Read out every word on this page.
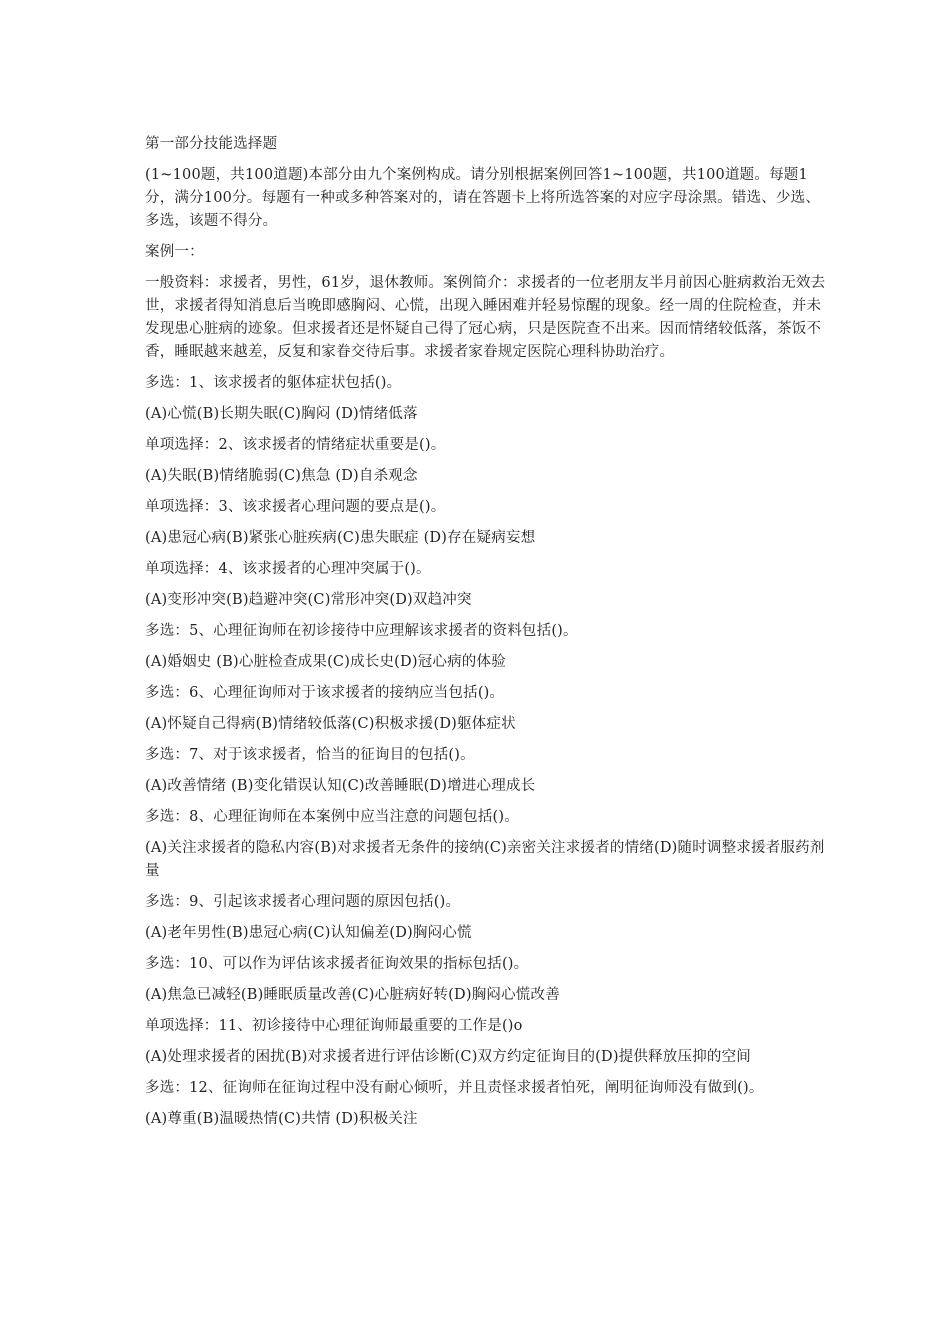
第一部分技能选择题

(1~100题，共100道题)本部分由九个案例构成。请分别根据案例回答1~100题，共100道题。每题1分，满分100分。每题有一种或多种答案对的，请在答题卡上将所选答案的对应字母涂黑。错选、少选、多选，该题不得分。

案例一：

一般资料：求援者，男性，61岁，退休教师。案例简介：求援者的一位老朋友半月前因心脏病救治无效去世，求援者得知消息后当晚即感胸闷、心慌，出现入睡困难并轻易惊醒的现象。经一周的住院检查，并未发现患心脏病的迹象。但求援者还是怀疑自己得了冠心病，只是医院查不出来。因而情绪较低落，茶饭不香，睡眠越来越差，反复和家眷交待后事。求援者家眷规定医院心理科协助治疗。

多选：1、该求援者的躯体症状包括()。

(A)心慌(B)长期失眠(C)胸闷 (D)情绪低落

单项选择：2、该求援者的情绪症状重要是()。

(A)失眠(B)情绪脆弱(C)焦急 (D)自杀观念

单项选择：3、该求援者心理问题的要点是()。

(A)患冠心病(B)紧张心脏疾病(C)患失眠症 (D)存在疑病妄想

单项选择：4、该求援者的心理冲突属于()。

(A)变形冲突(B)趋避冲突(C)常形冲突(D)双趋冲突

多选：5、心理征询师在初诊接待中应理解该求援者的资料包括()。

(A)婚姻史 (B)心脏检查成果(C)成长史(D)冠心病的体验

多选：6、心理征询师对于该求援者的接纳应当包括()。

(A)怀疑自己得病(B)情绪较低落(C)积极求援(D)躯体症状

多选：7、对于该求援者，恰当的征询目的包括()。

(A)改善情绪 (B)变化错误认知(C)改善睡眠(D)增进心理成长

多选：8、心理征询师在本案例中应当注意的问题包括()。

(A)关注求援者的隐私内容(B)对求援者无条件的接纳(C)亲密关注求援者的情绪(D)随时调整求援者服药剂量

多选：9、引起该求援者心理问题的原因包括()。

(A)老年男性(B)患冠心病(C)认知偏差(D)胸闷心慌

多选：10、可以作为评估该求援者征询效果的指标包括()。

(A)焦急已减轻(B)睡眠质量改善(C)心脏病好转(D)胸闷心慌改善

单项选择：11、初诊接待中心理征询师最重要的工作是()o

(A)处理求援者的困扰(B)对求援者进行评估诊断(C)双方约定征询目的(D)提供释放压抑的空间

多选：12、征询师在征询过程中没有耐心倾听，并且责怪求援者怕死，阐明征询师没有做到()。

(A)尊重(B)温暖热情(C)共情 (D)积极关注
